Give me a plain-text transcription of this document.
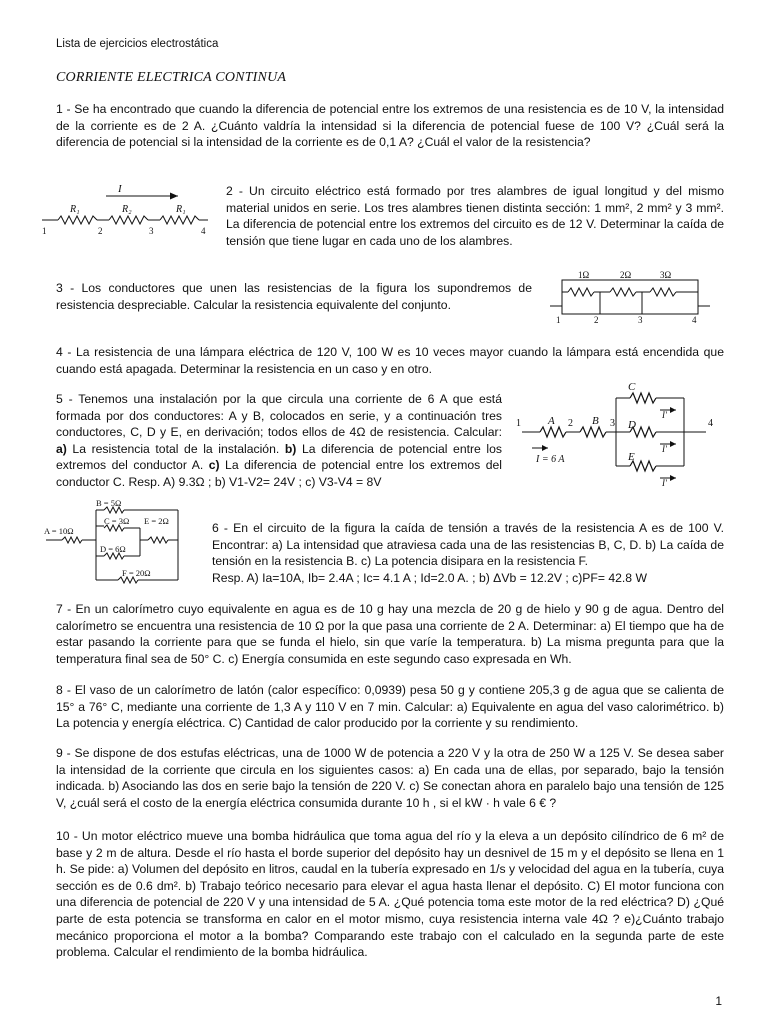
Lista de ejercicios electrostática
CORRIENTE ELECTRICA CONTINUA
1 - Se ha encontrado que cuando la diferencia de potencial entre los extremos de una resistencia es de 10 V, la intensidad de la corriente es de 2 A. ¿Cuánto valdría la intensidad si la diferencia de potencial fuese de 100 V? ¿Cuál será la diferencia de potencial si la intensidad de la corriente es de 0,1 A? ¿Cuál el valor de la resistencia?
I
R₁	R₂	R₁
1	2	3	4
2 - Un circuito eléctrico está formado por tres alambres de igual longitud y del mismo material unidos en serie. Los tres alambres tienen distinta sección: 1 mm², 2 mm² y 3 mm². La diferencia de potencial entre los extremos del circuito es de 12 V. Determinar la caída de tensión que tiene lugar en cada uno de los alambres.
3 - Los conductores que unen las resistencias de la figura los supondremos de resistencia despreciable. Calcular la resistencia equivalente del conjunto.
1Ω	2Ω	3Ω
1	2	3	4
4 - La resistencia de una lámpara eléctrica de 120 V, 100 W es 10 veces mayor cuando la lámpara está encendida que cuando está apagada. Determinar la resistencia en un caso y en otro.
5 - Tenemos una instalación por la que circula una corriente de 6 A que está formada por dos conductores: A y B, colocados en serie, y a continuación tres conductores, C, D y E, en derivación; todos ellos de 4Ω de resistencia. Calcular: a) La resistencia total de la instalación. b) La diferencia de potencial entre los extremos del conductor A. c) La diferencia de potencial entre los extremos del conductor C. Resp. A) 9.3Ω ; b) V1-V2= 24V ; c) V3-V4 = 8V
1 A 2 B 3
C
D
E
I'
I'
I'
4
I = 6 A
B = 5Ω
C = 3Ω E = 2Ω
D = 6Ω
A = 10Ω
F = 20Ω
6 - En el circuito de la figura la caída de tensión a través de la resistencia A es de 100 V. Encontrar: a) La intensidad que atraviesa cada una de las resistencias B, C, D. b) La caída de tensión en la resistencia B. c) La potencia disipara en la resistencia F.
Resp. A) Ia=10A, Ib= 2.4A ; Ic= 4.1 A ; Id=2.0 A. ; b) ΔVb = 12.2V ; c)PF= 42.8 W
7 - En un calorímetro cuyo equivalente en agua es de 10 g hay una mezcla de 20 g de hielo y 90 g de agua. Dentro del calorímetro se encuentra una resistencia de 10 Ω por la que pasa una corriente de 2 A. Determinar: a) El tiempo que ha de estar pasando la corriente para que se funda el hielo, sin que varíe la temperatura. b) La misma pregunta para que la temperatura final sea de 50° C. c) Energía consumida en este segundo caso expresada en Wh.
8 - El vaso de un calorímetro de latón (calor específico: 0,0939) pesa 50 g y contiene 205,3 g de agua que se calienta de 15° a 76° C, mediante una corriente de 1,3 A y 110 V en 7 min. Calcular: a) Equivalente en agua del vaso calorimétrico. b) La potencia y energía eléctrica. C) Cantidad de calor producido por la corriente y su rendimiento.
9 - Se dispone de dos estufas eléctricas, una de 1000 W de potencia a 220 V y la otra de 250 W a 125 V. Se desea saber la intensidad de la corriente que circula en los siguientes casos: a) En cada una de ellas, por separado, bajo la tensión indicada. b) Asociando las dos en serie bajo la tensión de 220 V. c) Se conectan ahora en paralelo bajo una tensión de 125 V, ¿cuál será el costo de la energía eléctrica consumida durante 10 h , si el kW · h vale 6 € ?
10 - Un motor eléctrico mueve una bomba hidráulica que toma agua del río y la eleva a un depósito cilíndrico de 6 m² de base y 2 m de altura. Desde el río hasta el borde superior del depósito hay un desnivel de 15 m y el depósito se llena en 1 h. Se pide: a) Volumen del depósito en litros, caudal en la tubería expresado en 1/s y velocidad del agua en la tubería, cuya sección es de 0.6 dm². b) Trabajo teórico necesario para elevar el agua hasta llenar el depósito. C) El motor funciona con una diferencia de potencial de 220 V y una intensidad de 5 A. ¿Qué potencia toma este motor de la red eléctrica? D) ¿Qué parte de esta potencia se transforma en calor en el motor mismo, cuya resistencia interna vale 4Ω ? e)¿Cuánto trabajo mecánico proporciona el motor a la bomba? Comparando este trabajo con el calculado en la segunda parte de este problema. Calcular el rendimiento de la bomba hidráulica.
1
